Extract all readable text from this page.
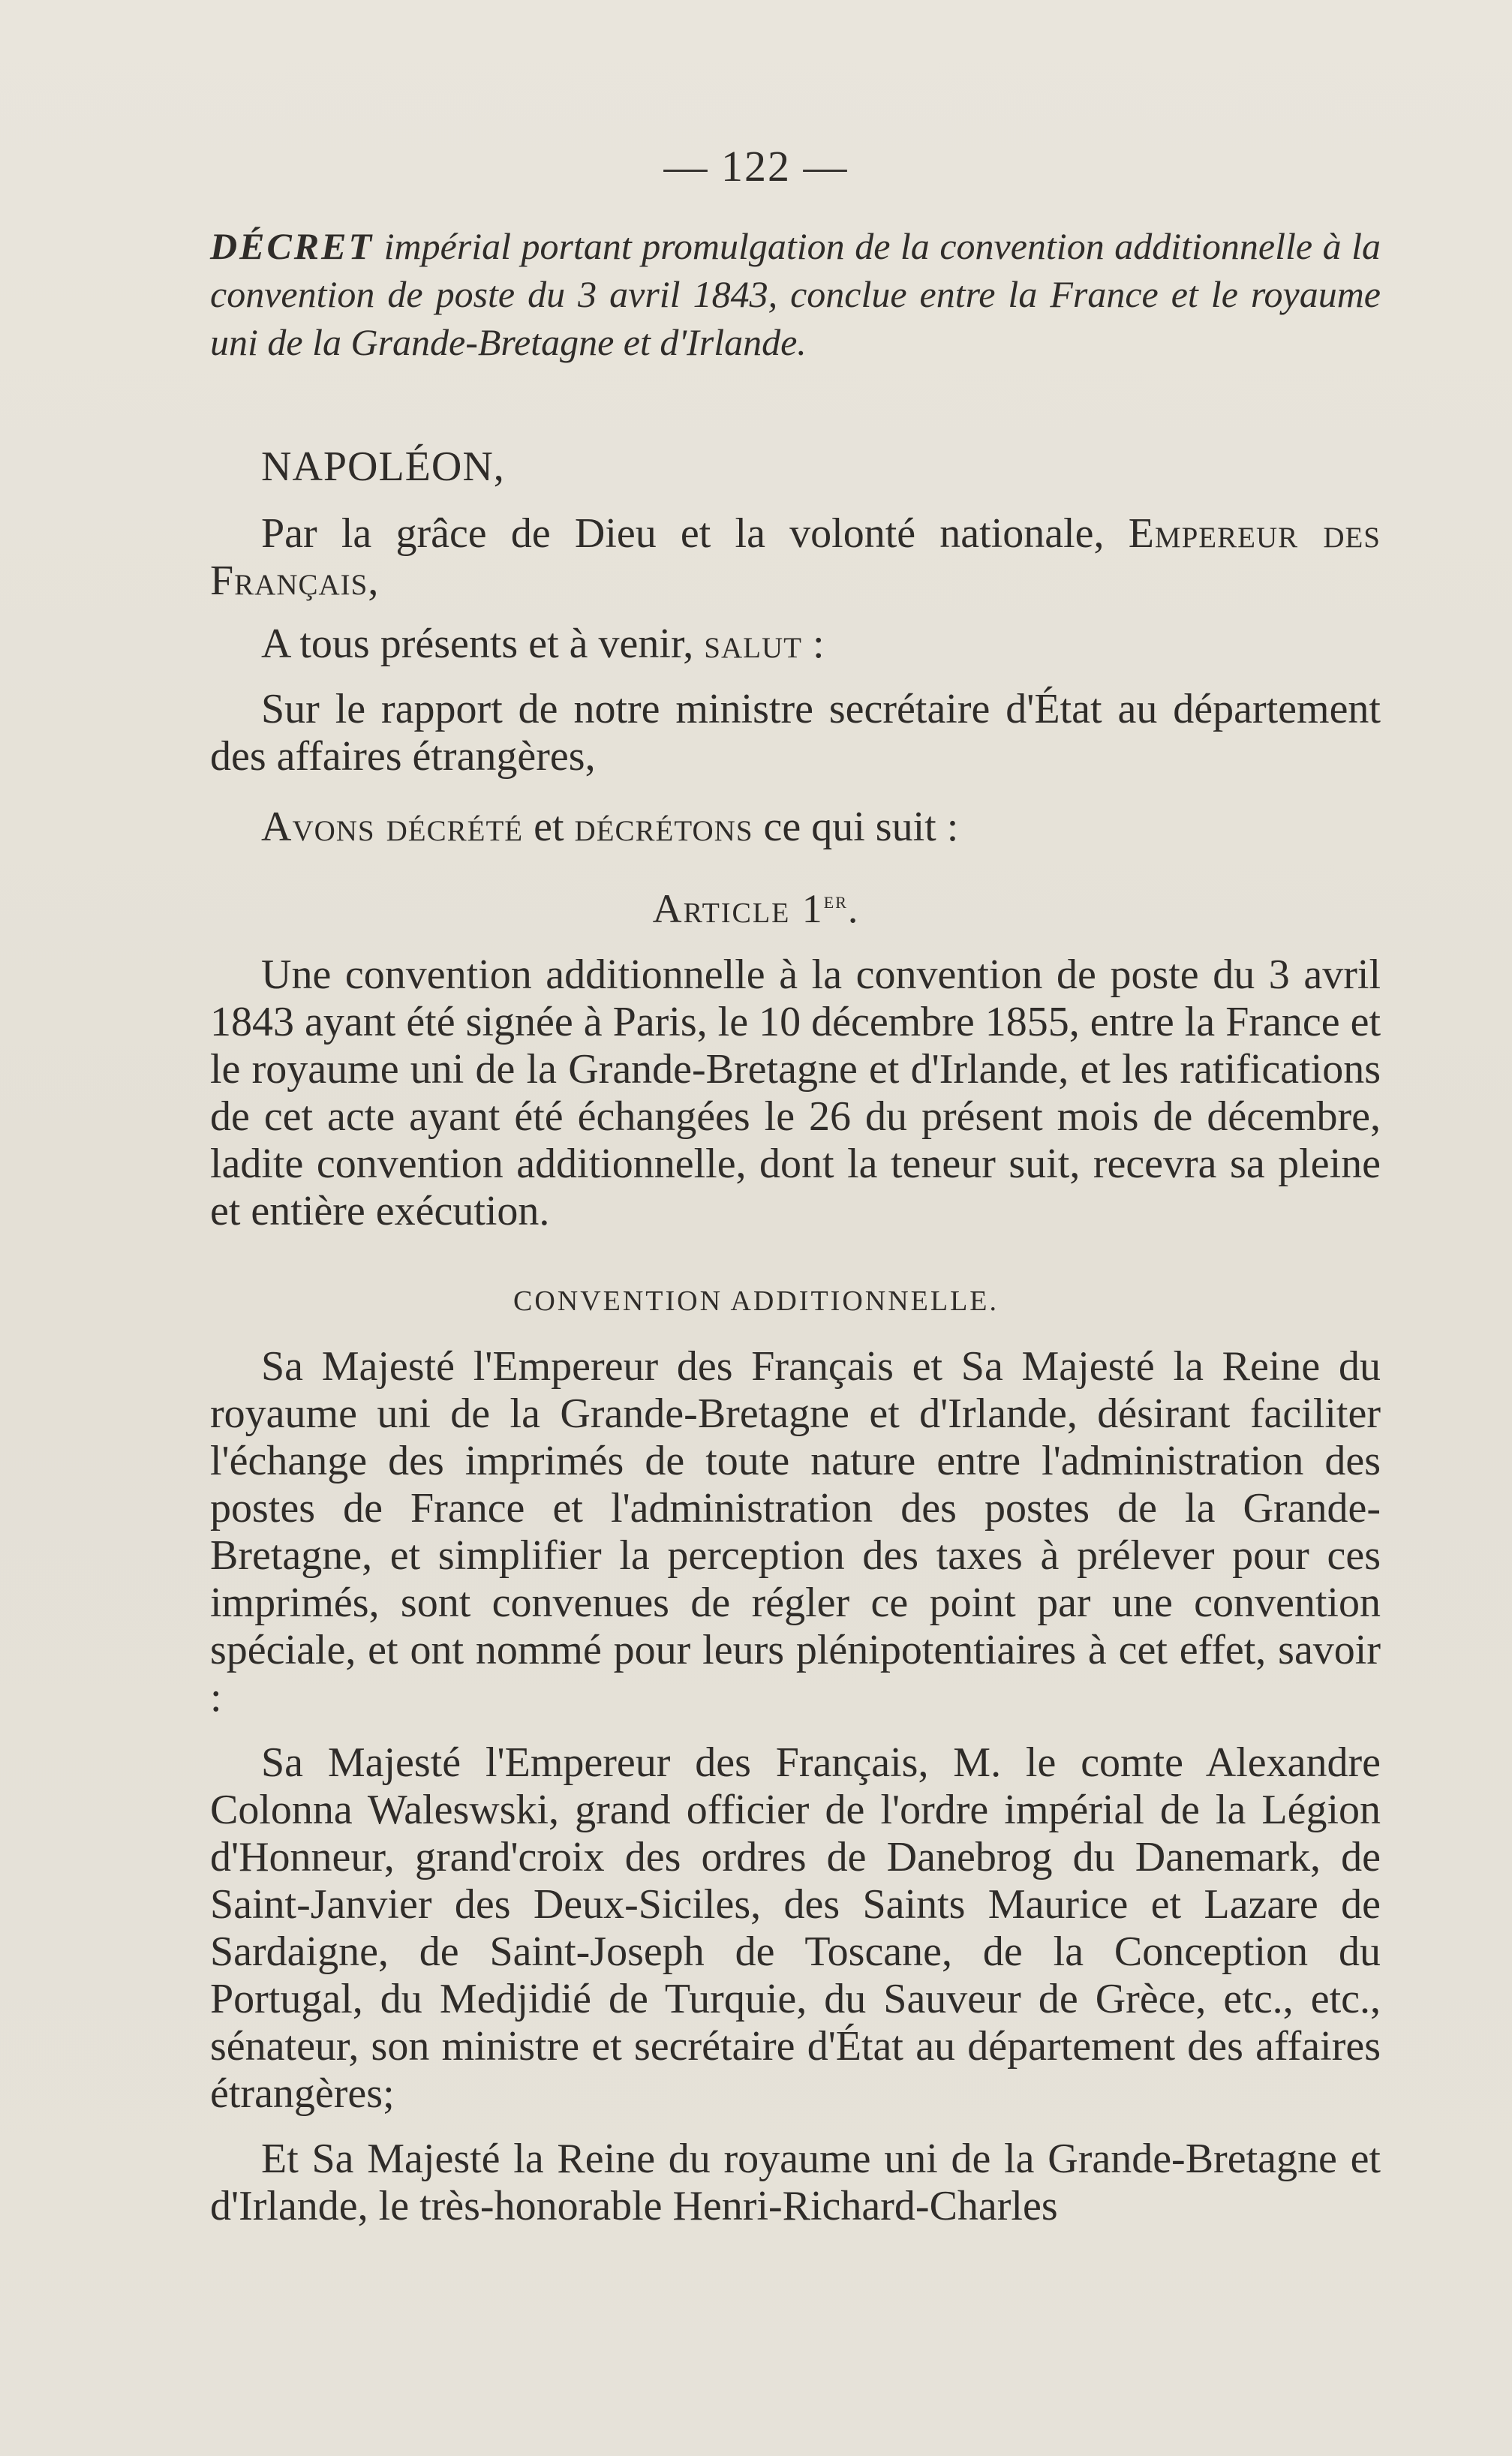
— 122 —
DÉCRET impérial portant promulgation de la convention additionnelle à la convention de poste du 3 avril 1843, conclue entre la France et le royaume uni de la Grande-Bretagne et d'Irlande.
NAPOLÉON,
Par la grâce de Dieu et la volonté nationale, Empereur des Français,
A tous présents et à venir, salut :
Sur le rapport de notre ministre secrétaire d'État au département des affaires étrangères,
Avons décrété et décrétons ce qui suit :
Article 1er.
Une convention additionnelle à la convention de poste du 3 avril 1843 ayant été signée à Paris, le 10 décembre 1855, entre la France et le royaume uni de la Grande-Bretagne et d'Irlande, et les ratifications de cet acte ayant été échangées le 26 du présent mois de décembre, ladite convention additionnelle, dont la teneur suit, recevra sa pleine et entière exécution.
CONVENTION ADDITIONNELLE.
Sa Majesté l'Empereur des Français et Sa Majesté la Reine du royaume uni de la Grande-Bretagne et d'Irlande, désirant faciliter l'échange des imprimés de toute nature entre l'administration des postes de France et l'administration des postes de la Grande-Bretagne, et simplifier la perception des taxes à prélever pour ces imprimés, sont convenues de régler ce point par une convention spéciale, et ont nommé pour leurs plénipotentiaires à cet effet, savoir :
Sa Majesté l'Empereur des Français, M. le comte Alexandre Colonna Waleswski, grand officier de l'ordre impérial de la Légion d'Honneur, grand'croix des ordres de Danebrog du Danemark, de Saint-Janvier des Deux-Siciles, des Saints Maurice et Lazare de Sardaigne, de Saint-Joseph de Toscane, de la Conception du Portugal, du Medjidié de Turquie, du Sauveur de Grèce, etc., etc., sénateur, son ministre et secrétaire d'État au département des affaires étrangères;
Et Sa Majesté la Reine du royaume uni de la Grande-Bretagne et d'Irlande, le très-honorable Henri-Richard-Charles
